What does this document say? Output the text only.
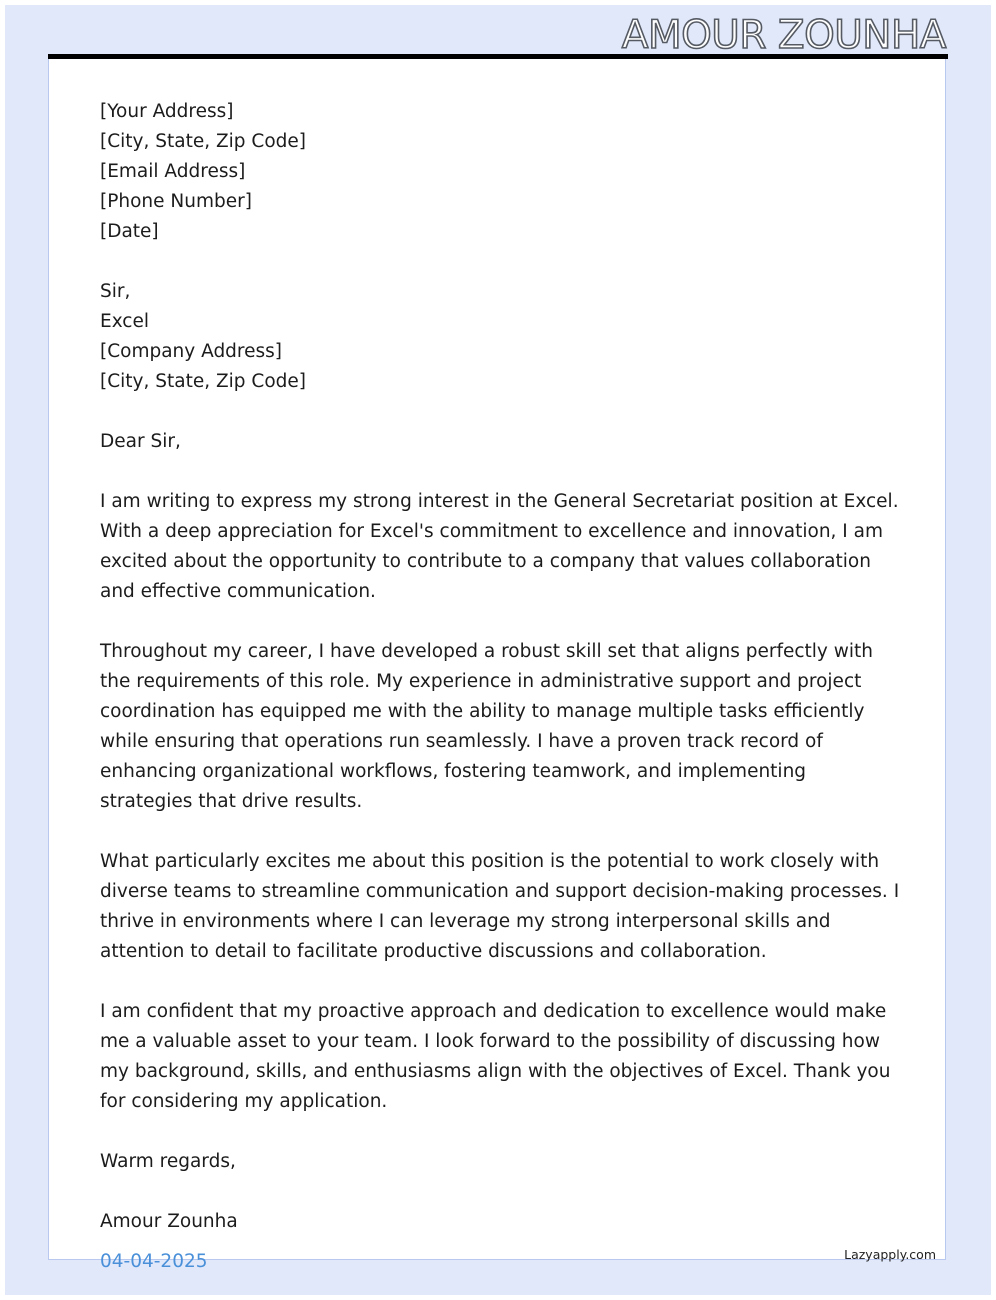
AMOUR ZOUNHA
[Your Address]
[City, State, Zip Code]
[Email Address]
[Phone Number]
[Date]
Sir,
Excel
[Company Address]
[City, State, Zip Code]
Dear Sir,

I am writing to express my strong interest in the General Secretariat position at Excel. With a deep appreciation for Excel's commitment to excellence and innovation, I am excited about the opportunity to contribute to a company that values collaboration and effective communication.

Throughout my career, I have developed a robust skill set that aligns perfectly with the requirements of this role. My experience in administrative support and project coordination has equipped me with the ability to manage multiple tasks efficiently while ensuring that operations run seamlessly. I have a proven track record of enhancing organizational workflows, fostering teamwork, and implementing strategies that drive results.

What particularly excites me about this position is the potential to work closely with diverse teams to streamline communication and support decision-making processes. I thrive in environments where I can leverage my strong interpersonal skills and attention to detail to facilitate productive discussions and collaboration.

I am confident that my proactive approach and dedication to excellence would make me a valuable asset to your team. I look forward to the possibility of discussing how my background, skills, and enthusiasms align with the objectives of Excel. Thank you for considering my application.

Warm regards,
Amour Zounha
04-04-2025	Lazyapply.com
